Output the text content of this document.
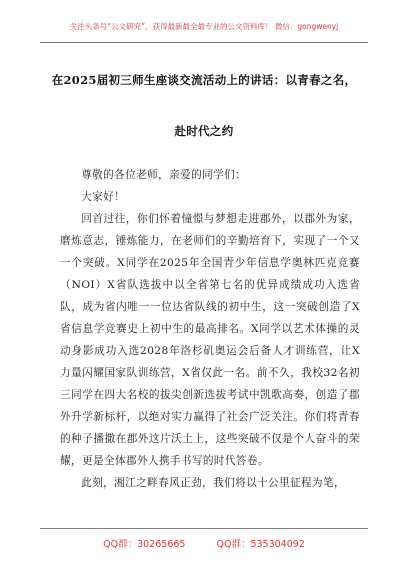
关注头条号“公文研究”，获得最新最全最专业的公文资料库！ 微信：gongwenyj
在2025届初三师生座谈交流活动上的讲话：以青春之名，
赴时代之约

尊敬的各位老师，亲爱的同学们：

大家好！

回首过往，你们怀着憧憬与梦想走进郡外，以郡外为家，磨炼意志，锤炼能力，在老师们的辛勤培育下，实现了一个又一个突破。X同学在2025年全国青少年信息学奥林匹克竞赛（NOI）X省队选拔中以全省第七名的优异成绩成功入选省队，成为省内唯一一位达省队线的初中生，这一突破创造了X省信息学竞赛史上初中生的最高排名。X同学以艺术体操的灵动身影成功入选2028年洛杉矶奥运会后备人才训练营，让X力量闪耀国家队训练营，X省仅此一名。前不久，我校32名初三同学在四大名校的拔尖创新选拔考试中凯歌高奏，创造了郡外升学新标杆，以绝对实力赢得了社会广泛关注。你们将青春的种子播撒在郡外这片沃土上，这些突破不仅是个人奋斗的荣耀，更是全体郡外人携手书写的时代答卷。

此刻，湘江之畔春风正劲，我们将以十公里征程为笔，

QQ群：30265665	QQ群：535304092
